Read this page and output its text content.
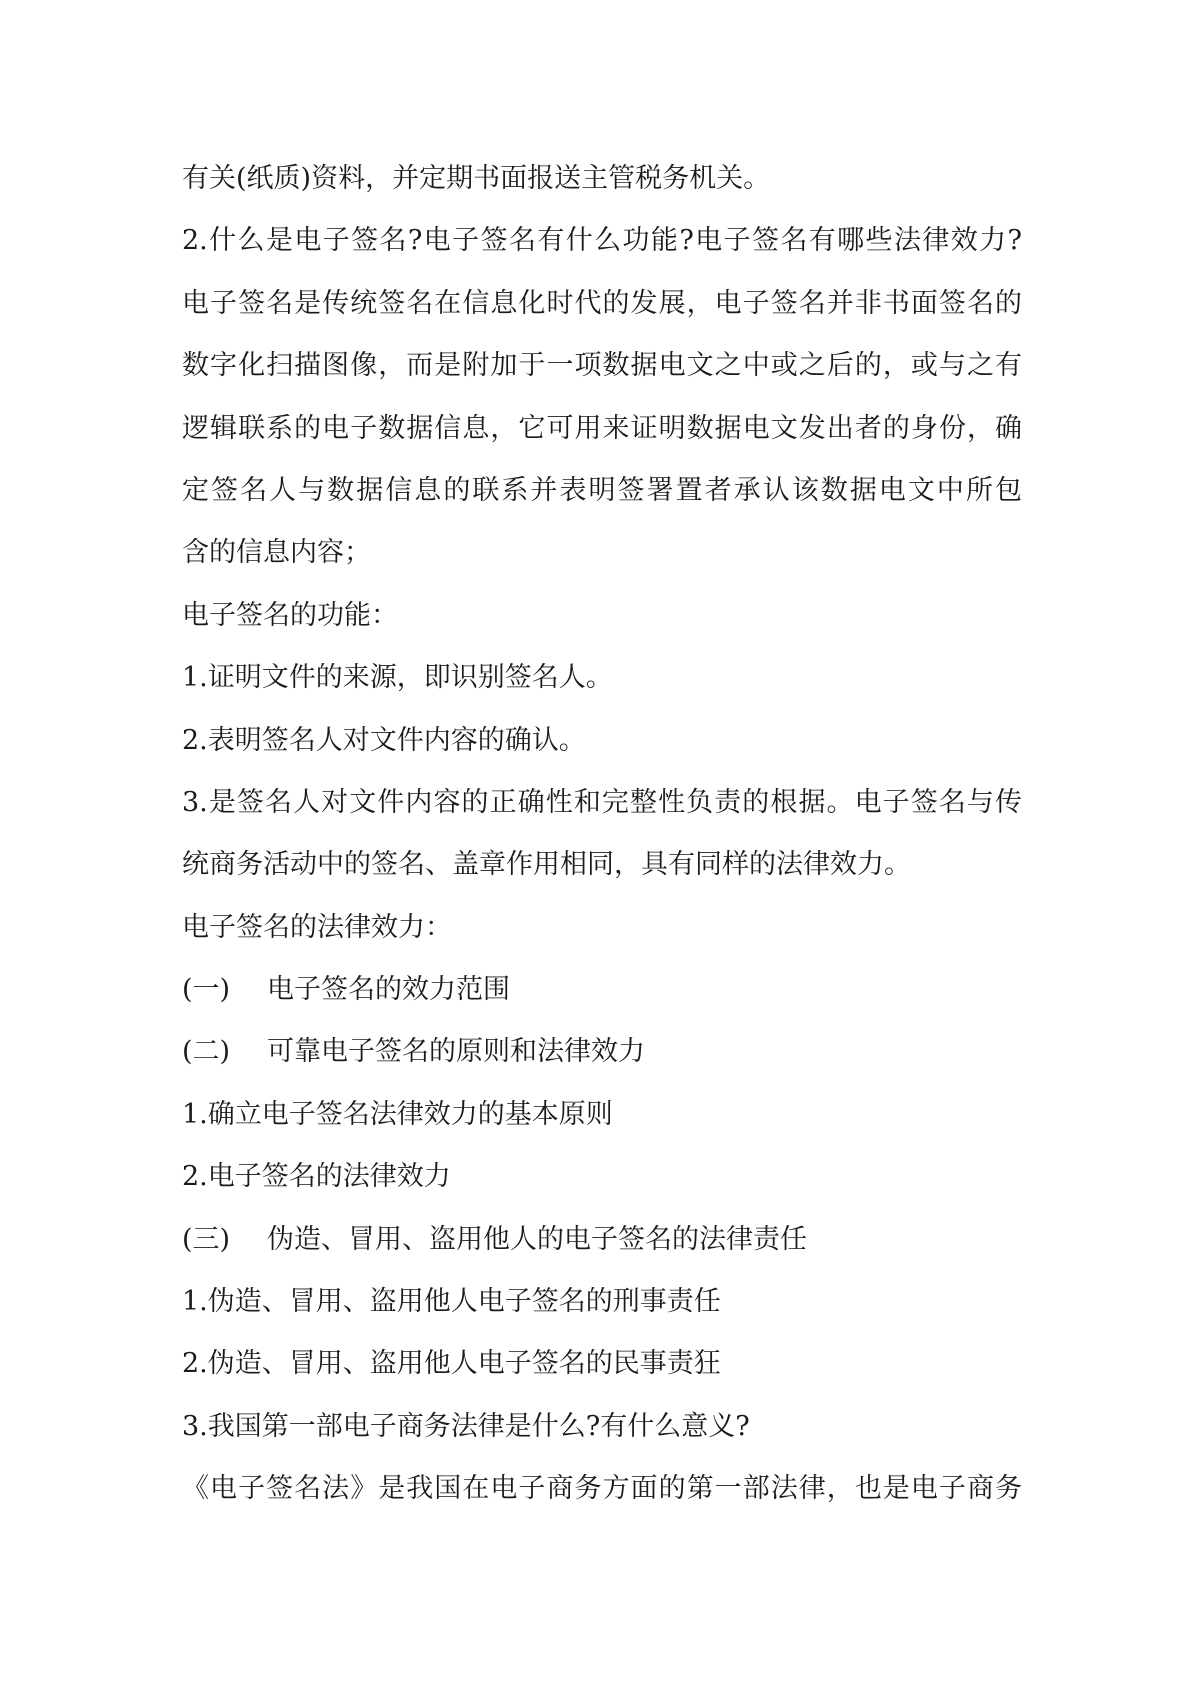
有关(纸质)资料，并定期书面报送主管税务机关。
2.什么是电子签名?电子签名有什么功能?电子签名有哪些法律效力?
电子签名是传统签名在信息化时代的发展，电子签名并非书面签名的
数字化扫描图像，而是附加于一项数据电文之中或之后的，或与之有
逻辑联系的电子数据信息，它可用来证明数据电文发出者的身份，确
定签名人与数据信息的联系并表明签署置者承认该数据电文中所包
含的信息内容；
电子签名的功能：
1.证明文件的来源，即识别签名人。
2.表明签名人对文件内容的确认。
3.是签名人对文件内容的正确性和完整性负责的根据。电子签名与传
统商务活动中的签名、盖章作用相同，具有同样的法律效力。
电子签名的法律效力：
(一) 电子签名的效力范围
(二) 可靠电子签名的原则和法律效力
1.确立电子签名法律效力的基本原则
2.电子签名的法律效力
(三) 伪造、冒用、盗用他人的电子签名的法律责任
1.伪造、冒用、盗用他人电子签名的刑事责任
2.伪造、冒用、盗用他人电子签名的民事责狂
3.我国第一部电子商务法律是什么?有什么意义?
《电子签名法》是我国在电子商务方面的第一部法律，也是电子商务
